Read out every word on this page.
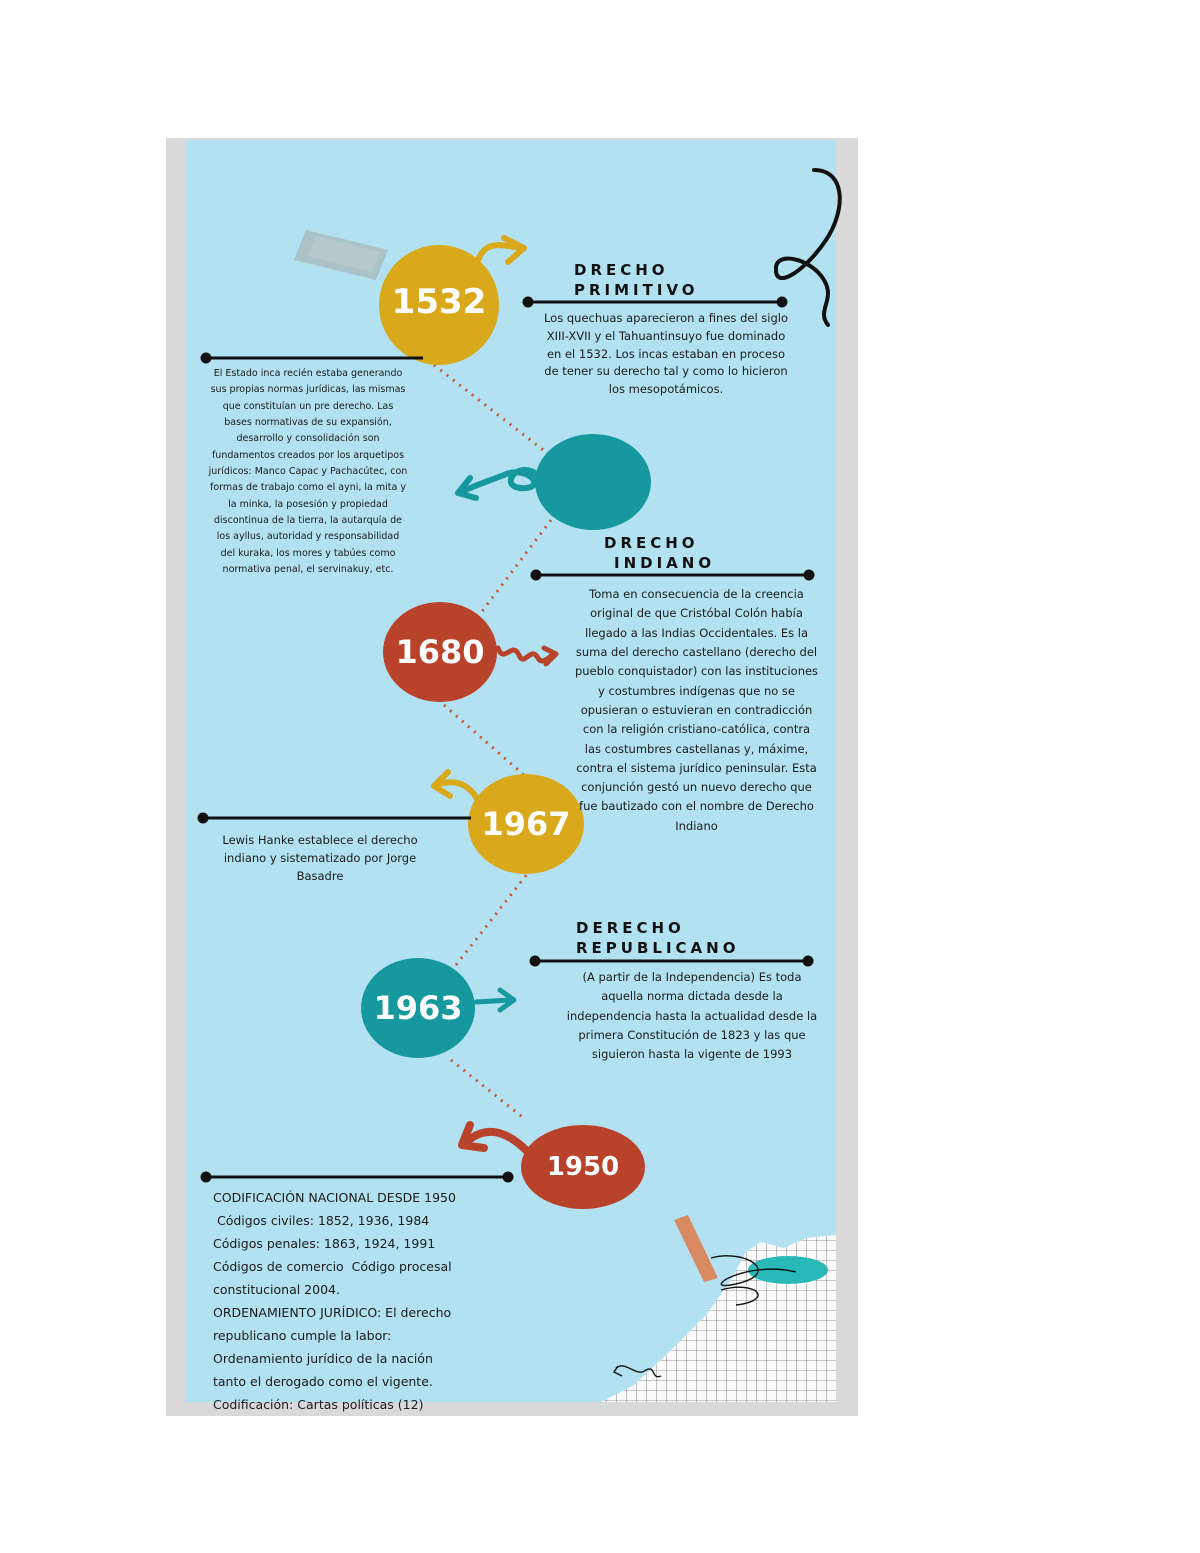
1532
1680
1967
1963
1950
DRECHO
PRIMITIVO
Los quechuas aparecieron a fines del siglo XIII-XVII y el Tahuantinsuyo fue dominado en el 1532. Los incas estaban en proceso de tener su derecho tal y como lo hicieron los mesopotámicos.
El Estado inca recién estaba generando sus propias normas jurídicas, las mismas que constituían un pre derecho. Las bases normativas de su expansión, desarrollo y consolidación son fundamentos creados por los arquetipos jurídicos: Manco Capac y Pachacútec, con formas de trabajo como el ayni, la mita y la minka, la posesión y propiedad discontinua de la tierra, la autarquía de los ayllus, autoridad y responsabilidad del kuraka, los mores y tabúes como normativa penal, el servinakuy, etc.
DRECHO
INDIANO
Toma en consecuencia de la creencia original de que Cristóbal Colón había llegado a las Indias Occidentales. Es la suma del derecho castellano (derecho del pueblo conquistador) con las instituciones y costumbres indígenas que no se opusieran o estuvieran en contradicción con la religión cristiano-católica, contra las costumbres castellanas y, máxime, contra el sistema jurídico peninsular. Esta conjunción gestó un nuevo derecho que fue bautizado con el nombre de Derecho Indiano
Lewis Hanke establece el derecho indiano y sistematizado por Jorge Basadre
DERECHO
REPUBLICANO
(A partir de la Independencia) Es toda aquella norma dictada desde la independencia hasta la actualidad desde la primera Constitución de 1823 y las que siguieron hasta la vigente de 1993
CODIFICACIÓN NACIONAL DESDE 1950
Códigos civiles: 1852, 1936, 1984
Códigos penales: 1863, 1924, 1991
Códigos de comercio  Código procesal
constitucional 2004.
ORDENAMIENTO JURÍDICO: El derecho
republicano cumple la labor:
Ordenamiento jurídico de la nación
tanto el derogado como el vigente.
Codificación: Cartas políticas (12)
